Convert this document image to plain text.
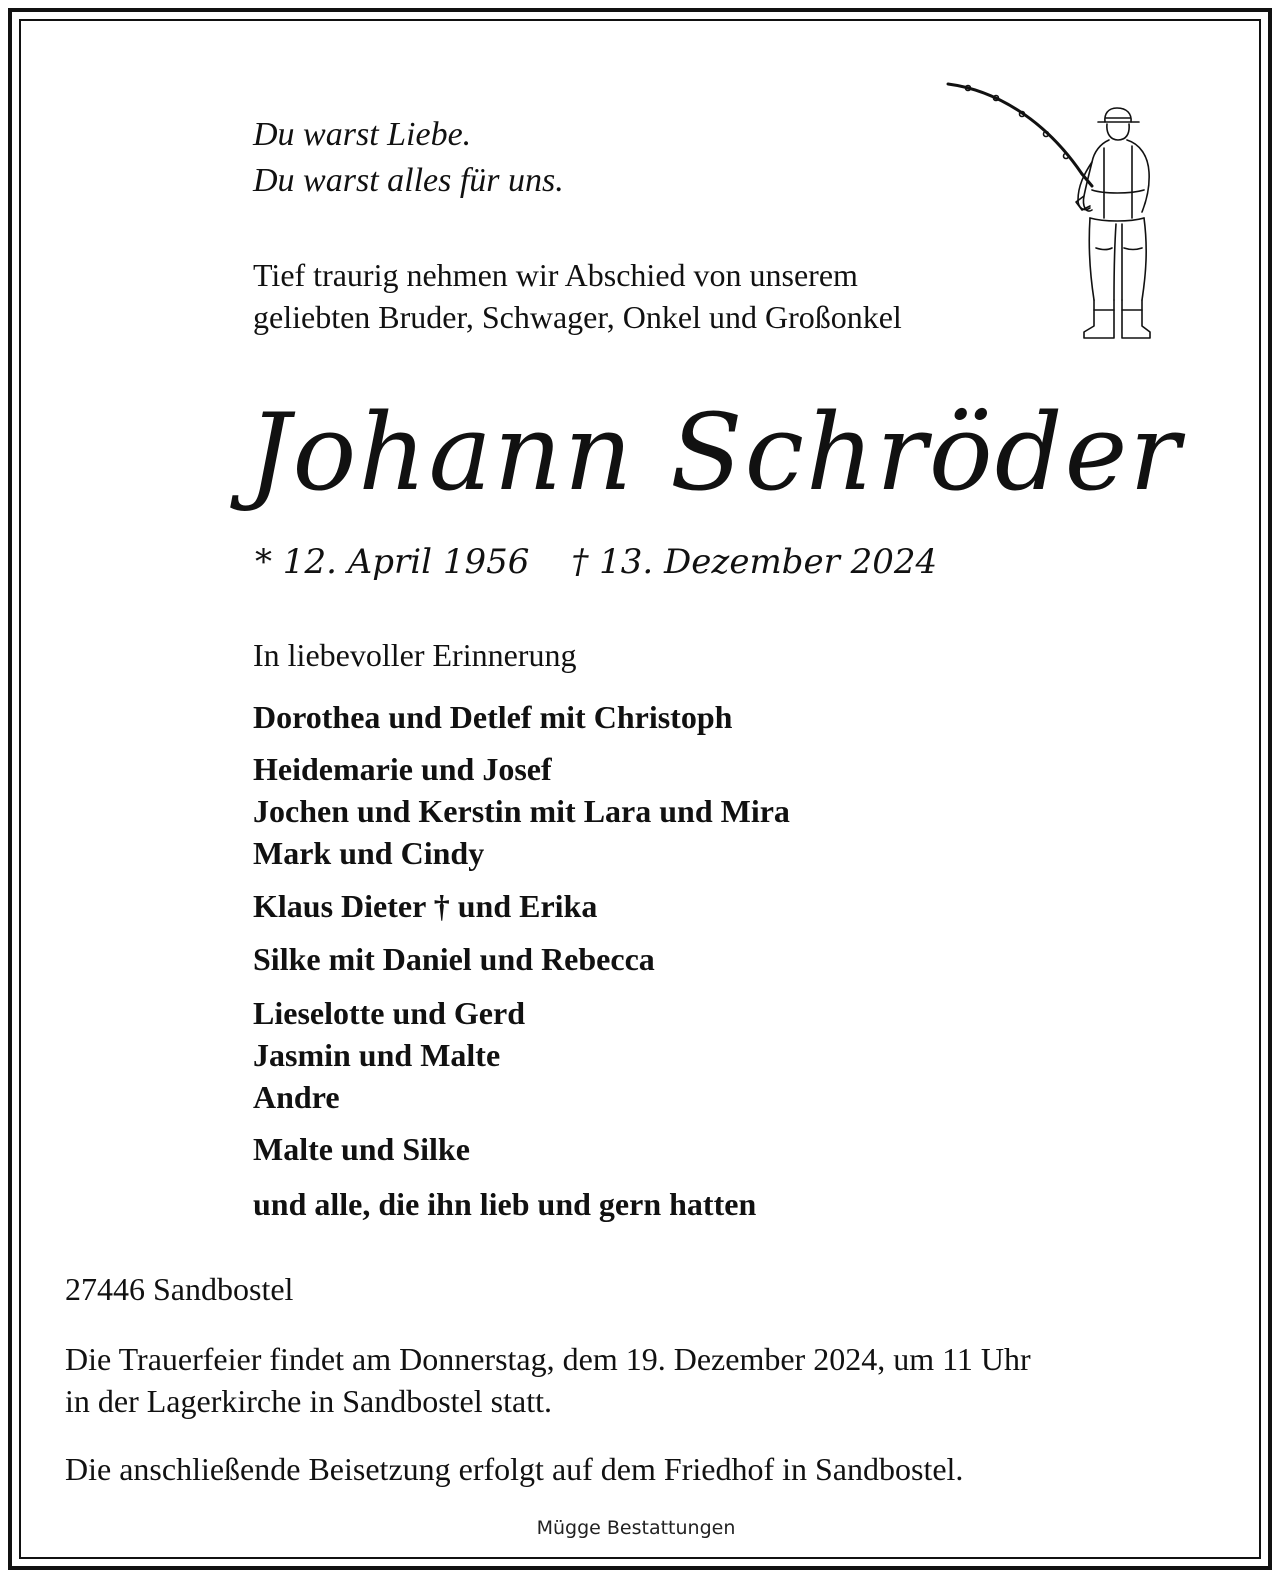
Du warst Liebe.
Du warst alles für uns.
Tief traurig nehmen wir Abschied von unserem
geliebten Bruder, Schwager, Onkel und Großonkel
Johann Schröder
* 12. April 1956 † 13. Dezember 2024
In liebevoller Erinnerung
Dorothea und Detlef mit Christoph
Heidemarie und Josef
Jochen und Kerstin mit Lara und Mira
Mark und Cindy
Klaus Dieter † und Erika
Silke mit Daniel und Rebecca
Lieselotte und Gerd
Jasmin und Malte
Andre
Malte und Silke
und alle, die ihn lieb und gern hatten
27446 Sandbostel
Die Trauerfeier findet am Donnerstag, dem 19. Dezember 2024, um 11 Uhr
in der Lagerkirche in Sandbostel statt.
Die anschließende Beisetzung erfolgt auf dem Friedhof in Sandbostel.
Mügge Bestattungen
